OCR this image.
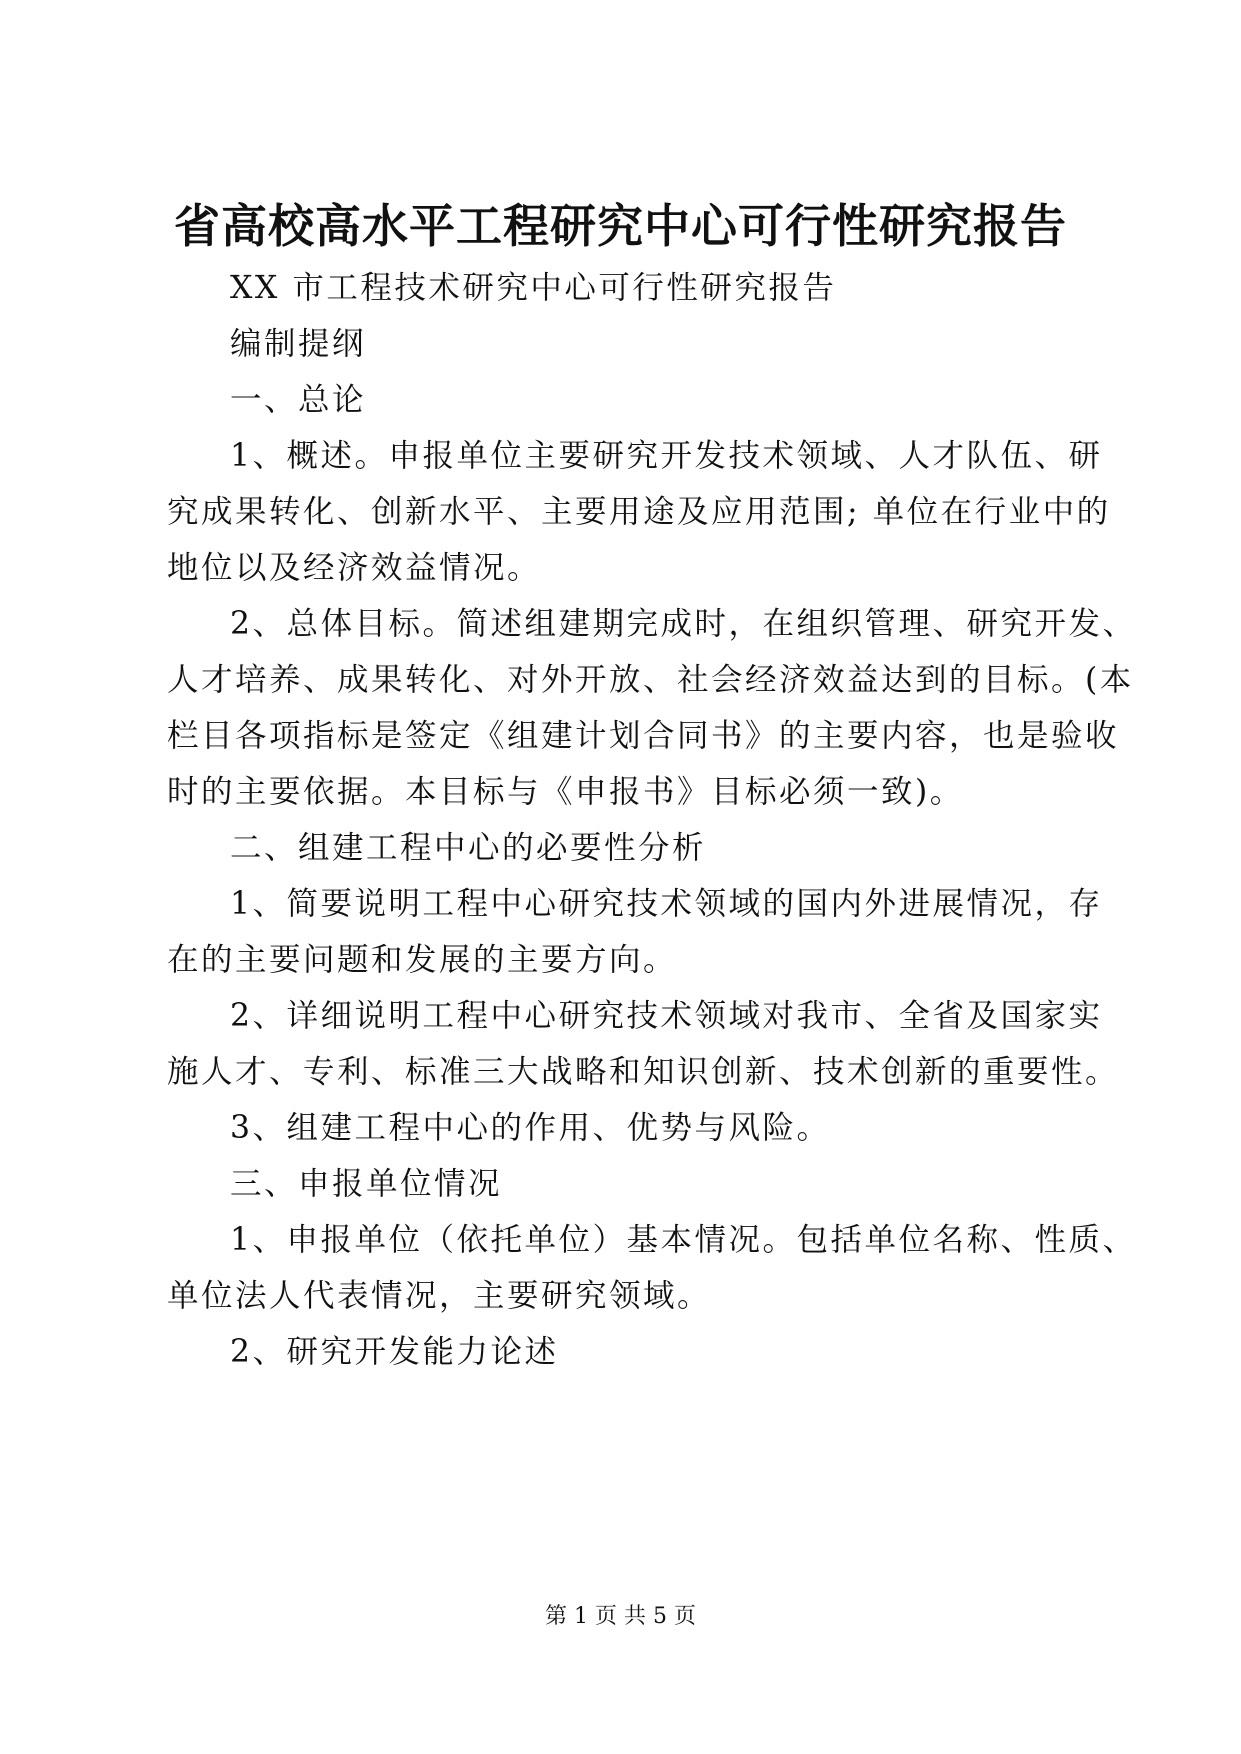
省高校高水平工程研究中心可行性研究报告

XX 市工程技术研究中心可行性研究报告

编制提纲

一、总论

1、概述。申报单位主要研究开发技术领域、人才队伍、研

究成果转化、创新水平、主要用途及应用范围; 单位在行业中的

地位以及经济效益情况。

2、总体目标。简述组建期完成时，在组织管理、研究开发、

人才培养、成果转化、对外开放、社会经济效益达到的目标。(本

栏目各项指标是签定《组建计划合同书》的主要内容，也是验收

时的主要依据。本目标与《申报书》目标必须一致)。

二、组建工程中心的必要性分析

1、简要说明工程中心研究技术领域的国内外进展情况，存

在的主要问题和发展的主要方向。

2、详细说明工程中心研究技术领域对我市、全省及国家实

施人才、专利、标准三大战略和知识创新、技术创新的重要性。

3、组建工程中心的作用、优势与风险。

三、申报单位情况

1、申报单位（依托单位）基本情况。包括单位名称、性质、

单位法人代表情况，主要研究领域。

2、研究开发能力论述

第 1 页 共 5 页
